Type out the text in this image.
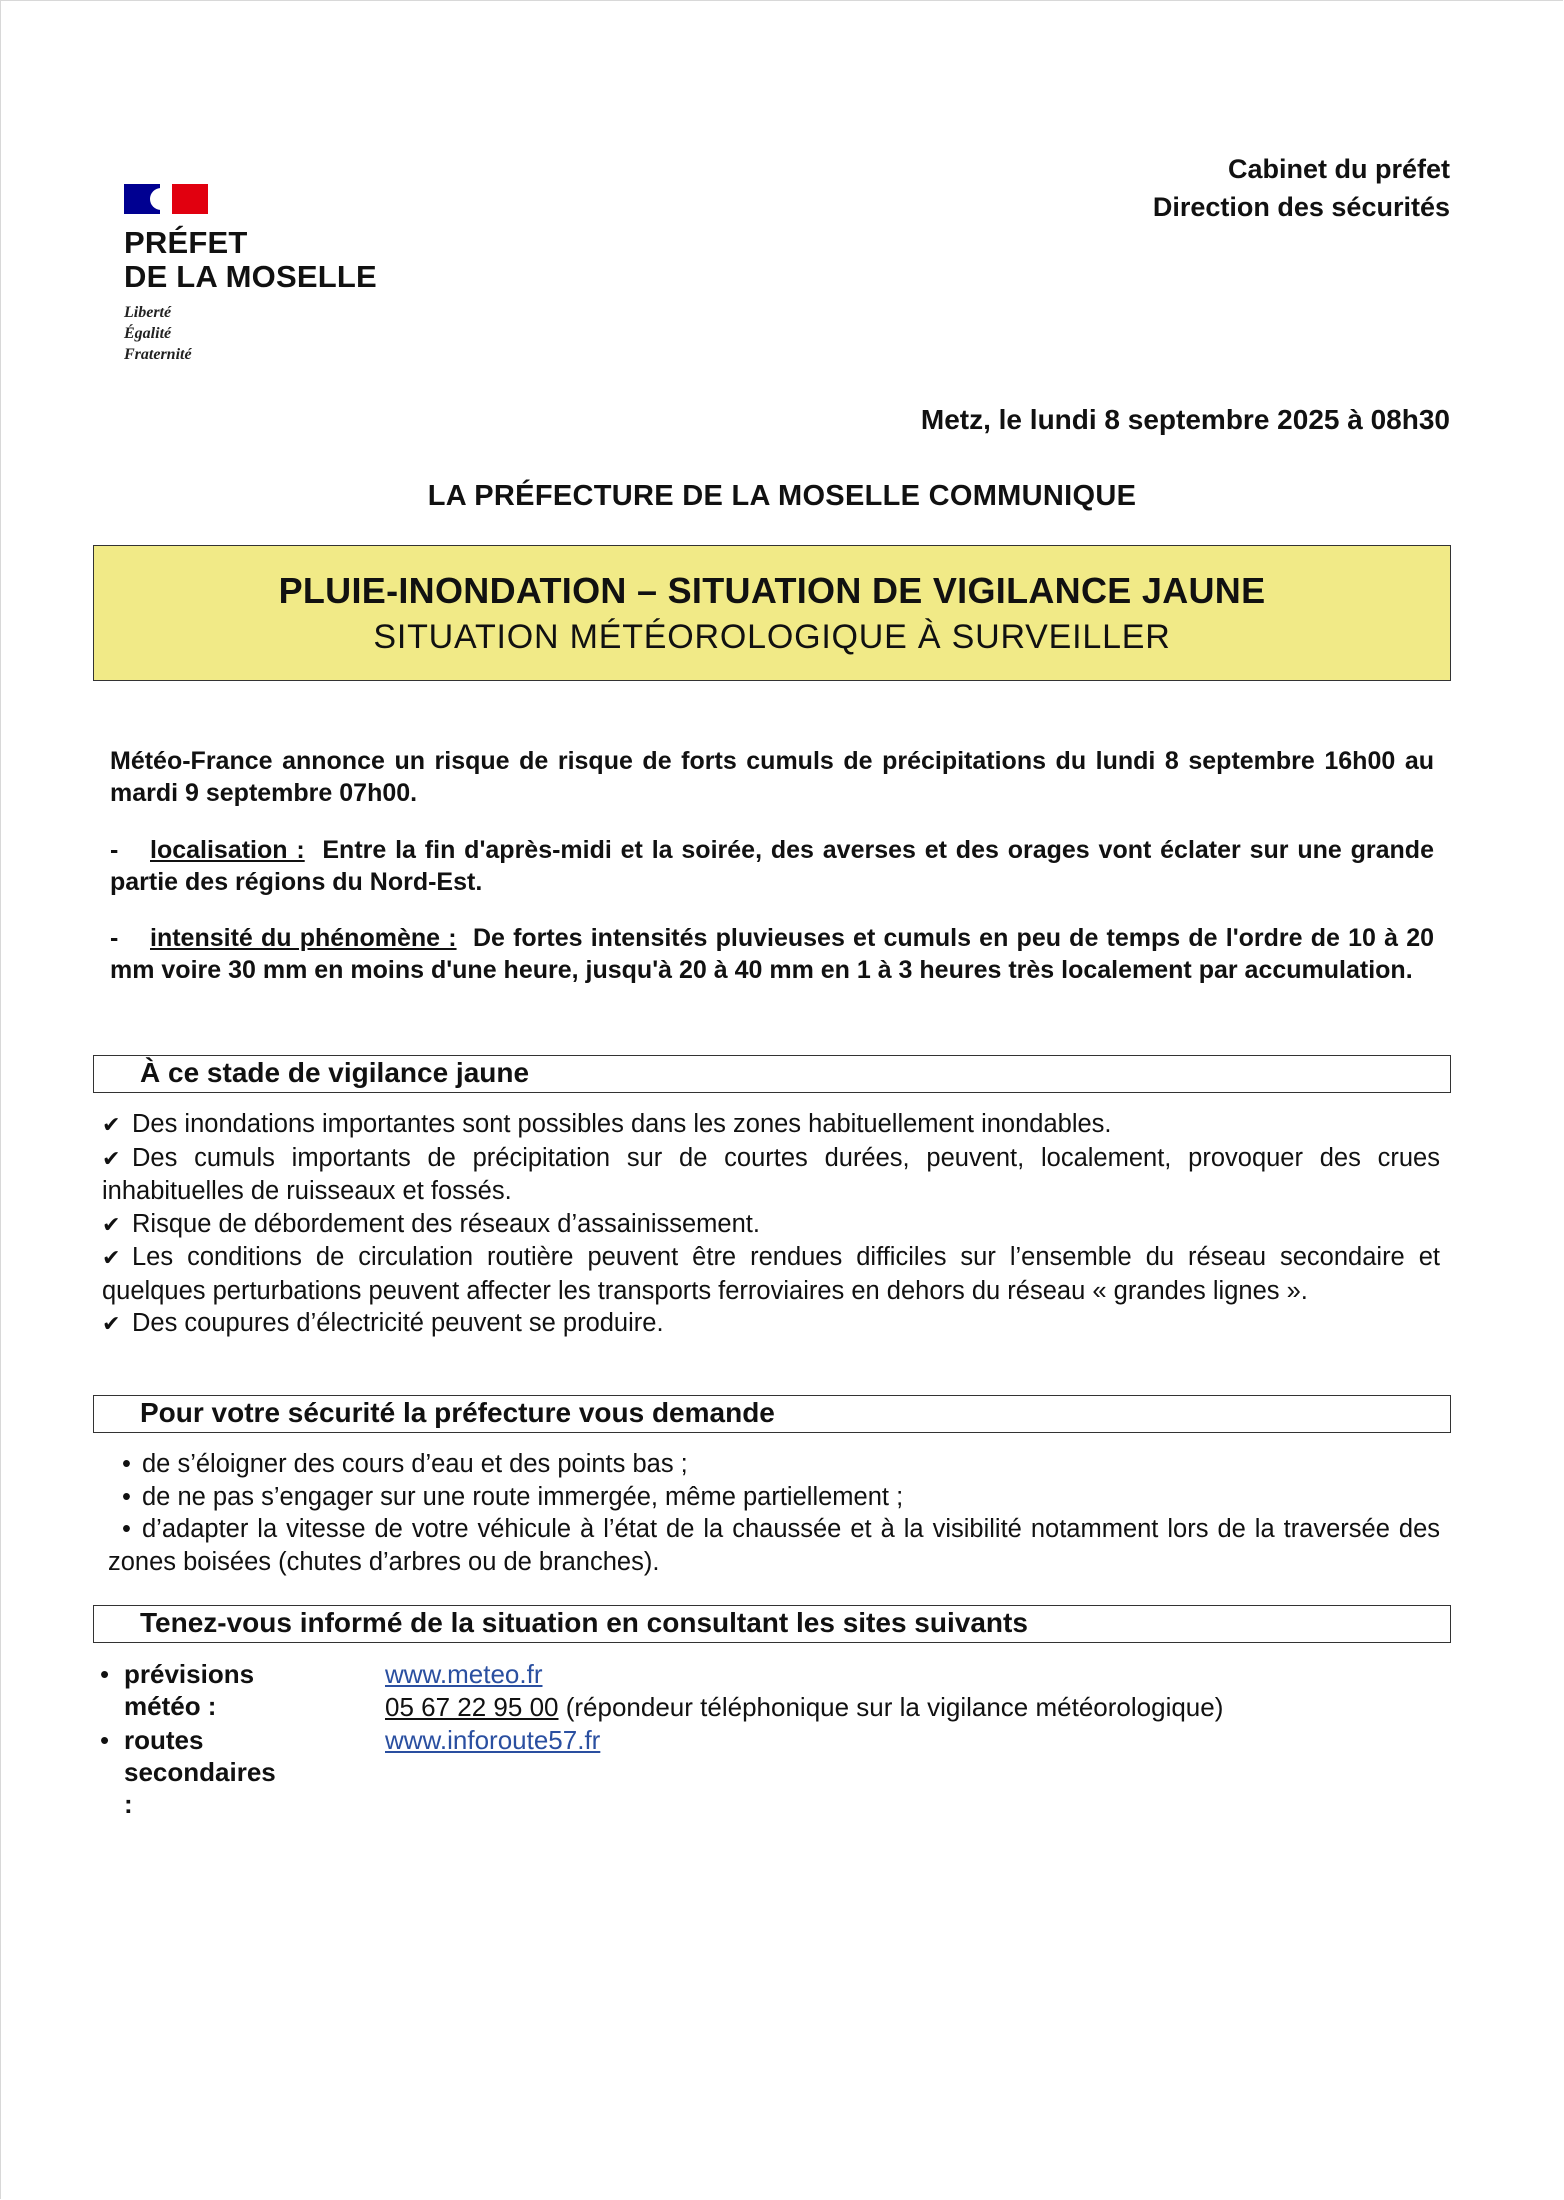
PRÉFET
DE LA MOSELLE
Liberté
Égalité
Fraternité
Cabinet du préfet
Direction des sécurités
Metz, le lundi 8 septembre 2025 à 08h30
LA PRÉFECTURE DE LA MOSELLE COMMUNIQUE
PLUIE-INONDATION – SITUATION DE VIGILANCE JAUNE
SITUATION MÉTÉOROLOGIQUE À SURVEILLER
Météo-France annonce un risque de risque de forts cumuls de précipitations du lundi 8 septembre 16h00 au mardi 9 septembre 07h00.
- localisation : Entre la fin d'après-midi et la soirée, des averses et des orages vont éclater sur une grande partie des régions du Nord-Est.
- intensité du phénomène : De fortes intensités pluvieuses et cumuls en peu de temps de l'ordre de 10 à 20 mm voire 30 mm en moins d'une heure, jusqu'à 20 à 40 mm en 1 à 3 heures très localement par accumulation.
À ce stade de vigilance jaune

✔ Des inondations importantes sont possibles dans les zones habituellement inondables.

✔ Des cumuls importants de précipitation sur de courtes durées, peuvent, localement, provoquer des crues inhabituelles de ruisseaux et fossés.

✔ Risque de débordement des réseaux d’assainissement.

✔ Les conditions de circulation routière peuvent être rendues difficiles sur l’ensemble du réseau secondaire et quelques perturbations peuvent affecter les transports ferroviaires en dehors du réseau « grandes lignes ».

✔ Des coupures d’électricité peuvent se produire.

Pour votre sécurité la préfecture vous demande

• de s’éloigner des cours d’eau et des points bas ;

• de ne pas s’engager sur une route immergée, même partiellement ;

• d’adapter la vitesse de votre véhicule à l’état de la chaussée et à la visibilité notamment lors de la traversée des zones boisées (chutes d’arbres ou de branches).

Tenez-vous informé de la situation en consultant les sites suivants
• prévisions météo :
www.meteo.fr
05 67 22 95 00 (répondeur téléphonique sur la vigilance météorologique)
• routes secondaires :
www.inforoute57.fr
